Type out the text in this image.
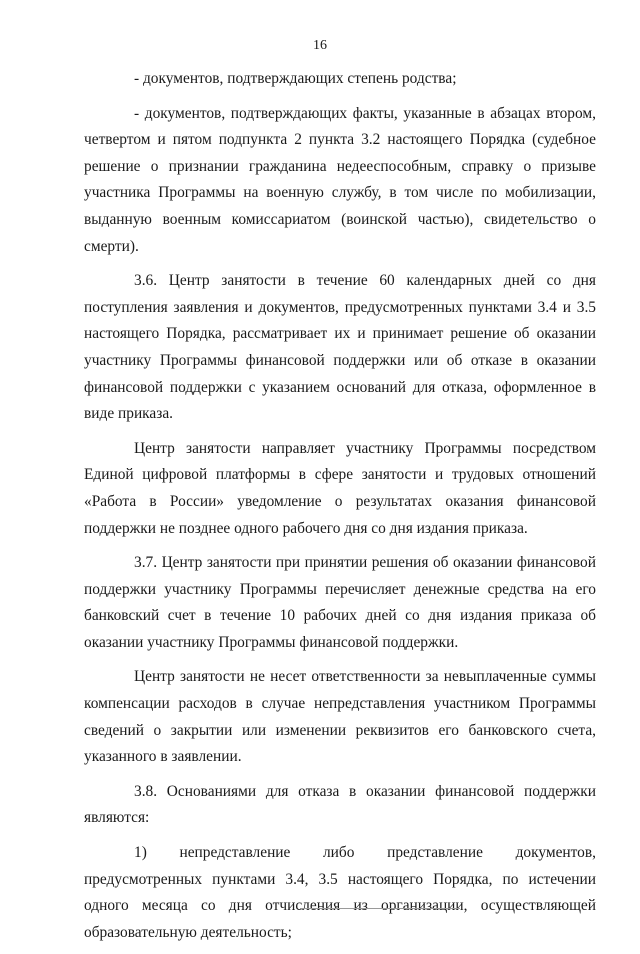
16

- документов, подтверждающих степень родства;

- документов, подтверждающих факты, указанные в абзацах втором, четвертом и пятом подпункта 2 пункта 3.2 настоящего Порядка (судебное решение о признании гражданина недееспособным, справку о призыве участника Программы на военную службу, в том числе по мобилизации, выданную военным комиссариатом (воинской частью), свидетельство о смерти).

3.6. Центр занятости в течение 60 календарных дней со дня поступления заявления и документов, предусмотренных пунктами 3.4 и 3.5 настоящего Порядка, рассматривает их и принимает решение об оказании участнику Программы финансовой поддержки или об отказе в оказании финансовой поддержки с указанием оснований для отказа, оформленное в виде приказа.

Центр занятости направляет участнику Программы посредством Единой цифровой платформы в сфере занятости и трудовых отношений «Работа в России» уведомление о результатах оказания финансовой поддержки не позднее одного рабочего дня со дня издания приказа.

3.7. Центр занятости при принятии решения об оказании финансовой поддержки участнику Программы перечисляет денежные средства на его банковский счет в течение 10 рабочих дней со дня издания приказа об оказании участнику Программы финансовой поддержки.

Центр занятости не несет ответственности за невыплаченные суммы компенсации расходов в случае непредставления участником Программы сведений о закрытии или изменении реквизитов его банковского счета, указанного в заявлении.

3.8. Основаниями для отказа в оказании финансовой поддержки являются:

1) непредставление либо представление документов, предусмотренных пунктами 3.4, 3.5 настоящего Порядка, по истечении одного месяца со дня отчисления из организации, осуществляющей образовательную деятельность;
